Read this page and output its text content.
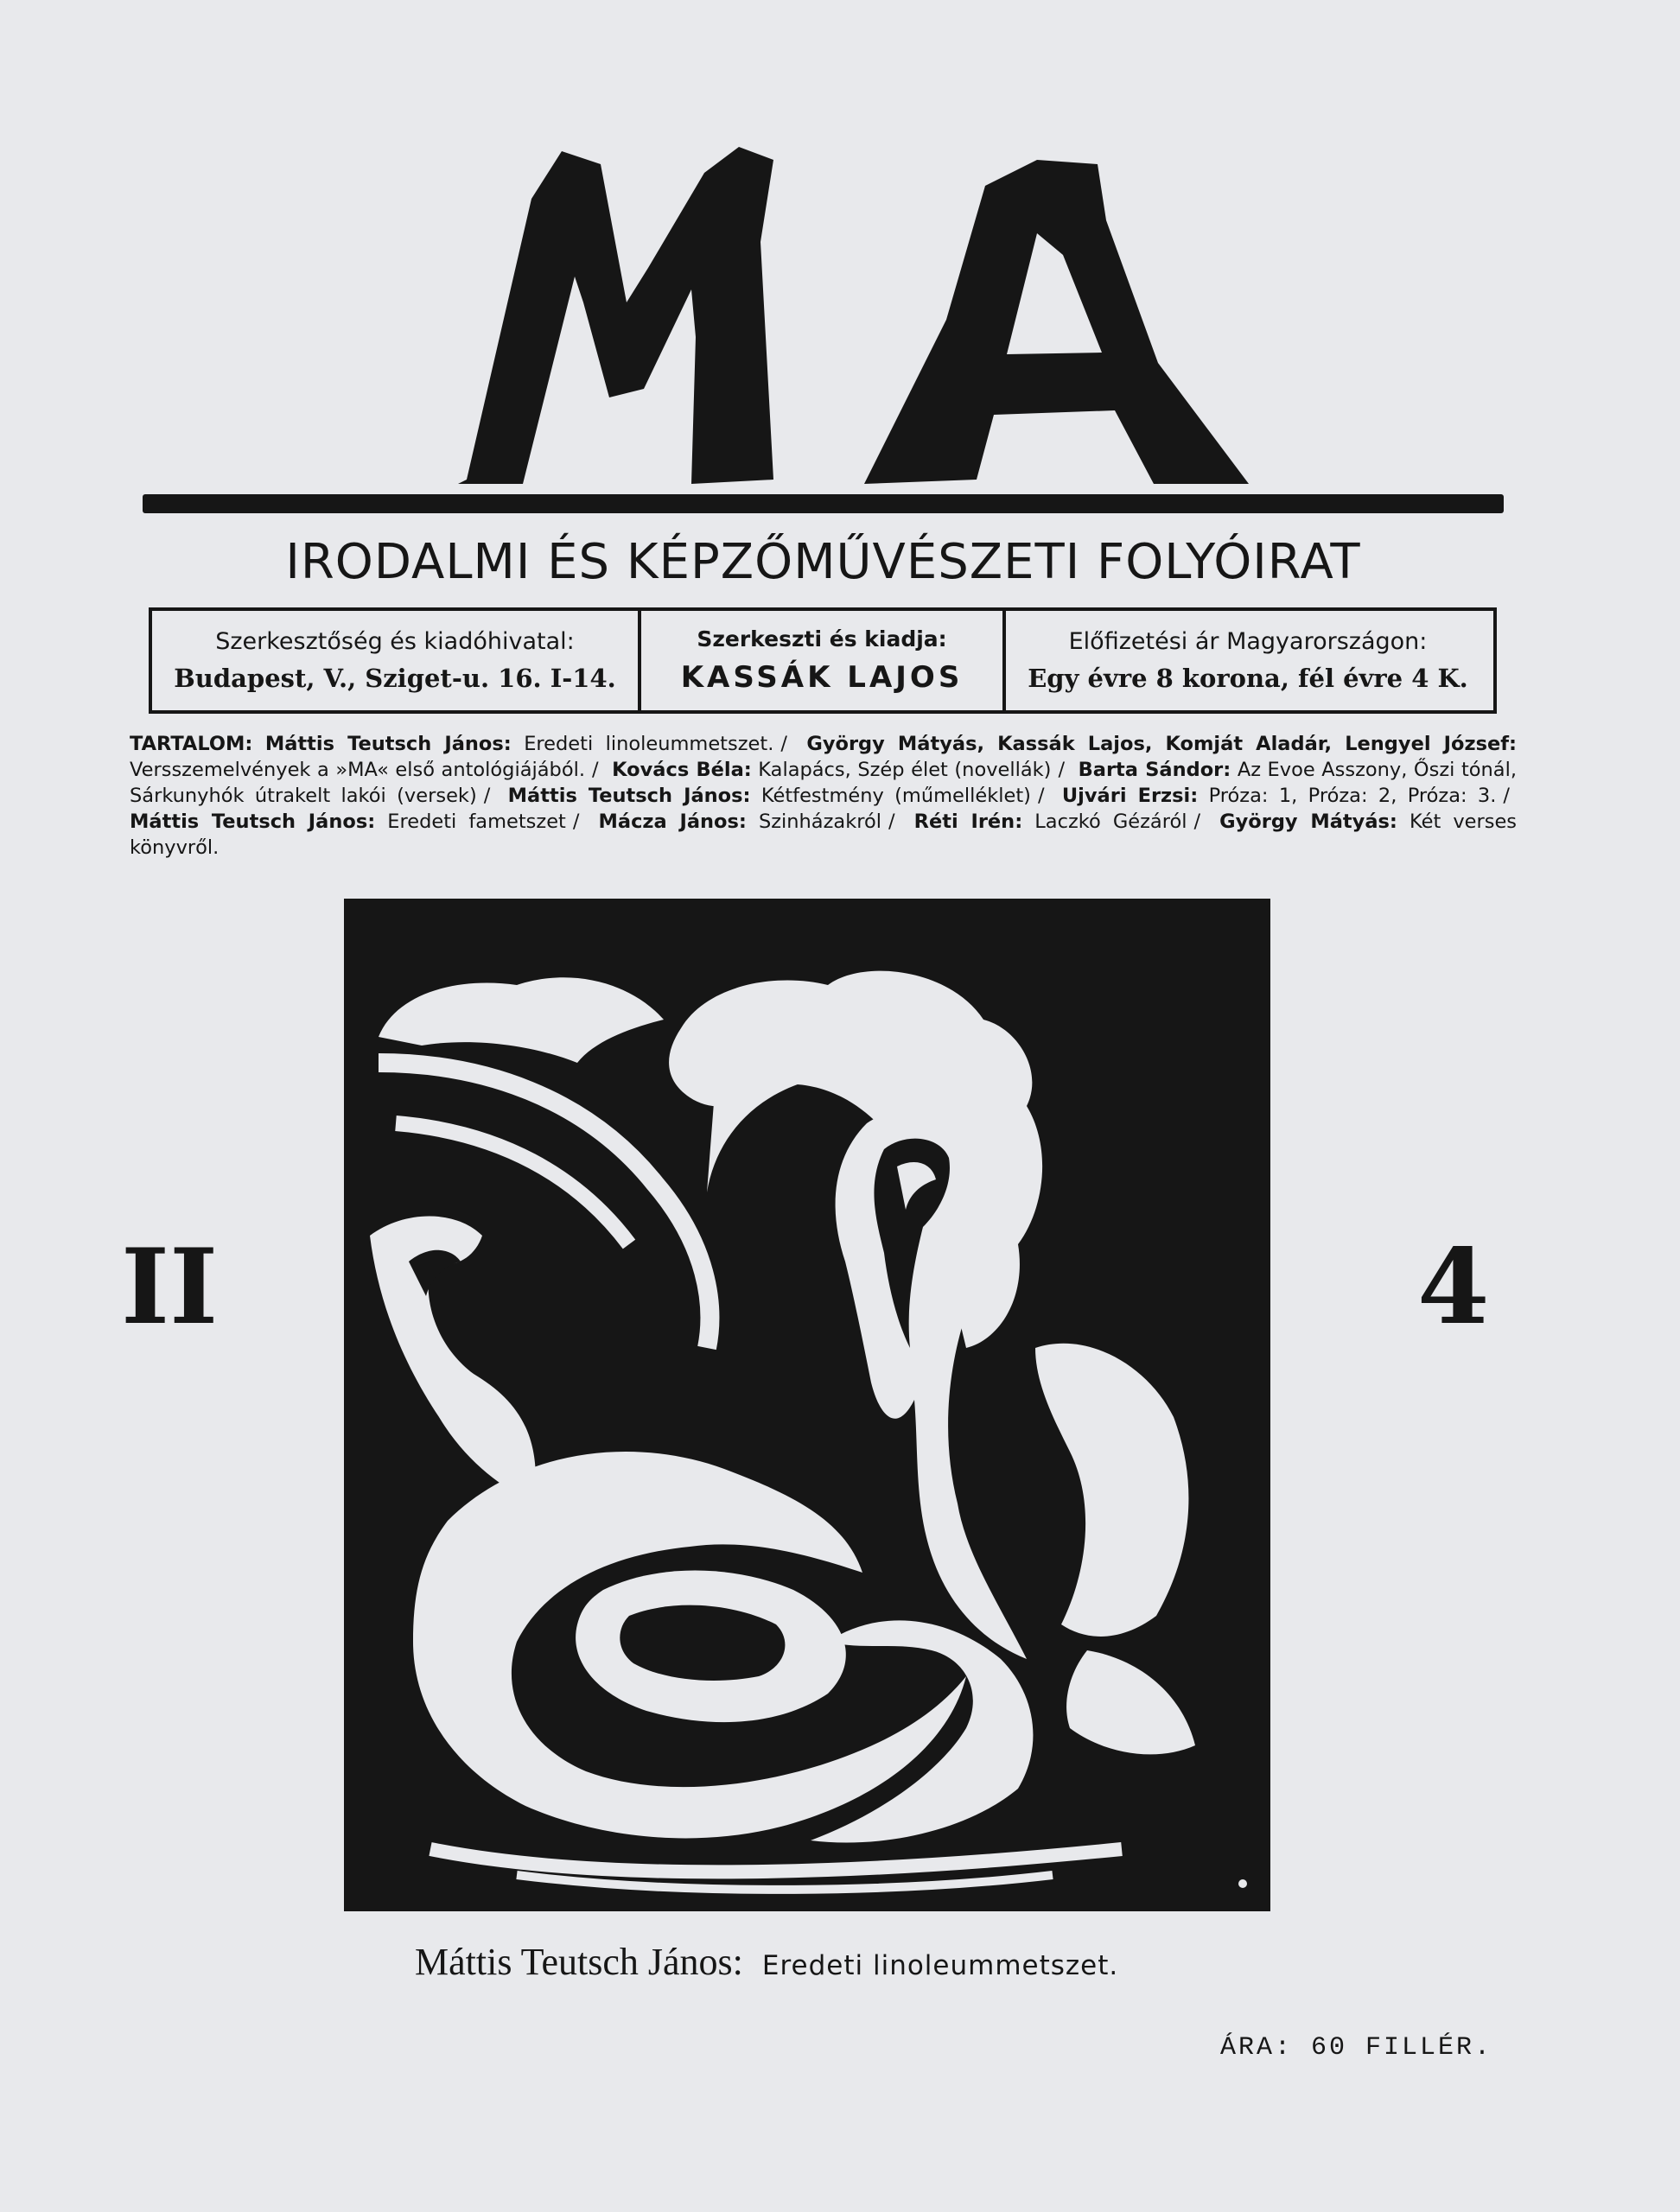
IRODALMI ÉS KÉPZŐMŰVÉSZETI FOLYÓIRAT
Szerkesztőség és kiadóhivatal:
Budapest, V., Sziget-u. 16. I-14.
Szerkeszti és kiadja:
KASSÁK LAJOS
Előfizetési ár Magyarországon:
Egy évre 8 korona, fél évre 4 K.
TARTALOM: Máttis Teutsch János: Eredeti linoleummetszet. / György Mátyás, Kassák Lajos, Komját Aladár, Lengyel József: Versszemelvények a »MA« első antológiájából. / Kovács Béla: Kalapács, Szép élet (novellák) / Barta Sándor: Az Evoe Asszony, Őszi tónál, Sárkunyhók útrakelt lakói (versek) / Máttis Teutsch János: Kétfestmény (műmelléklet) / Ujvári Erzsi: Próza: 1, Próza: 2, Próza: 3. / Máttis Teutsch János: Eredeti fametszet / Mácza János: Szinházakról / Réti Irén: Laczkó Gézáról / György Mátyás: Két verses könyvről.
II	4
Máttis Teutsch János: Eredeti linoleummetszet.
ÁRA: 60 FILLÉR.
